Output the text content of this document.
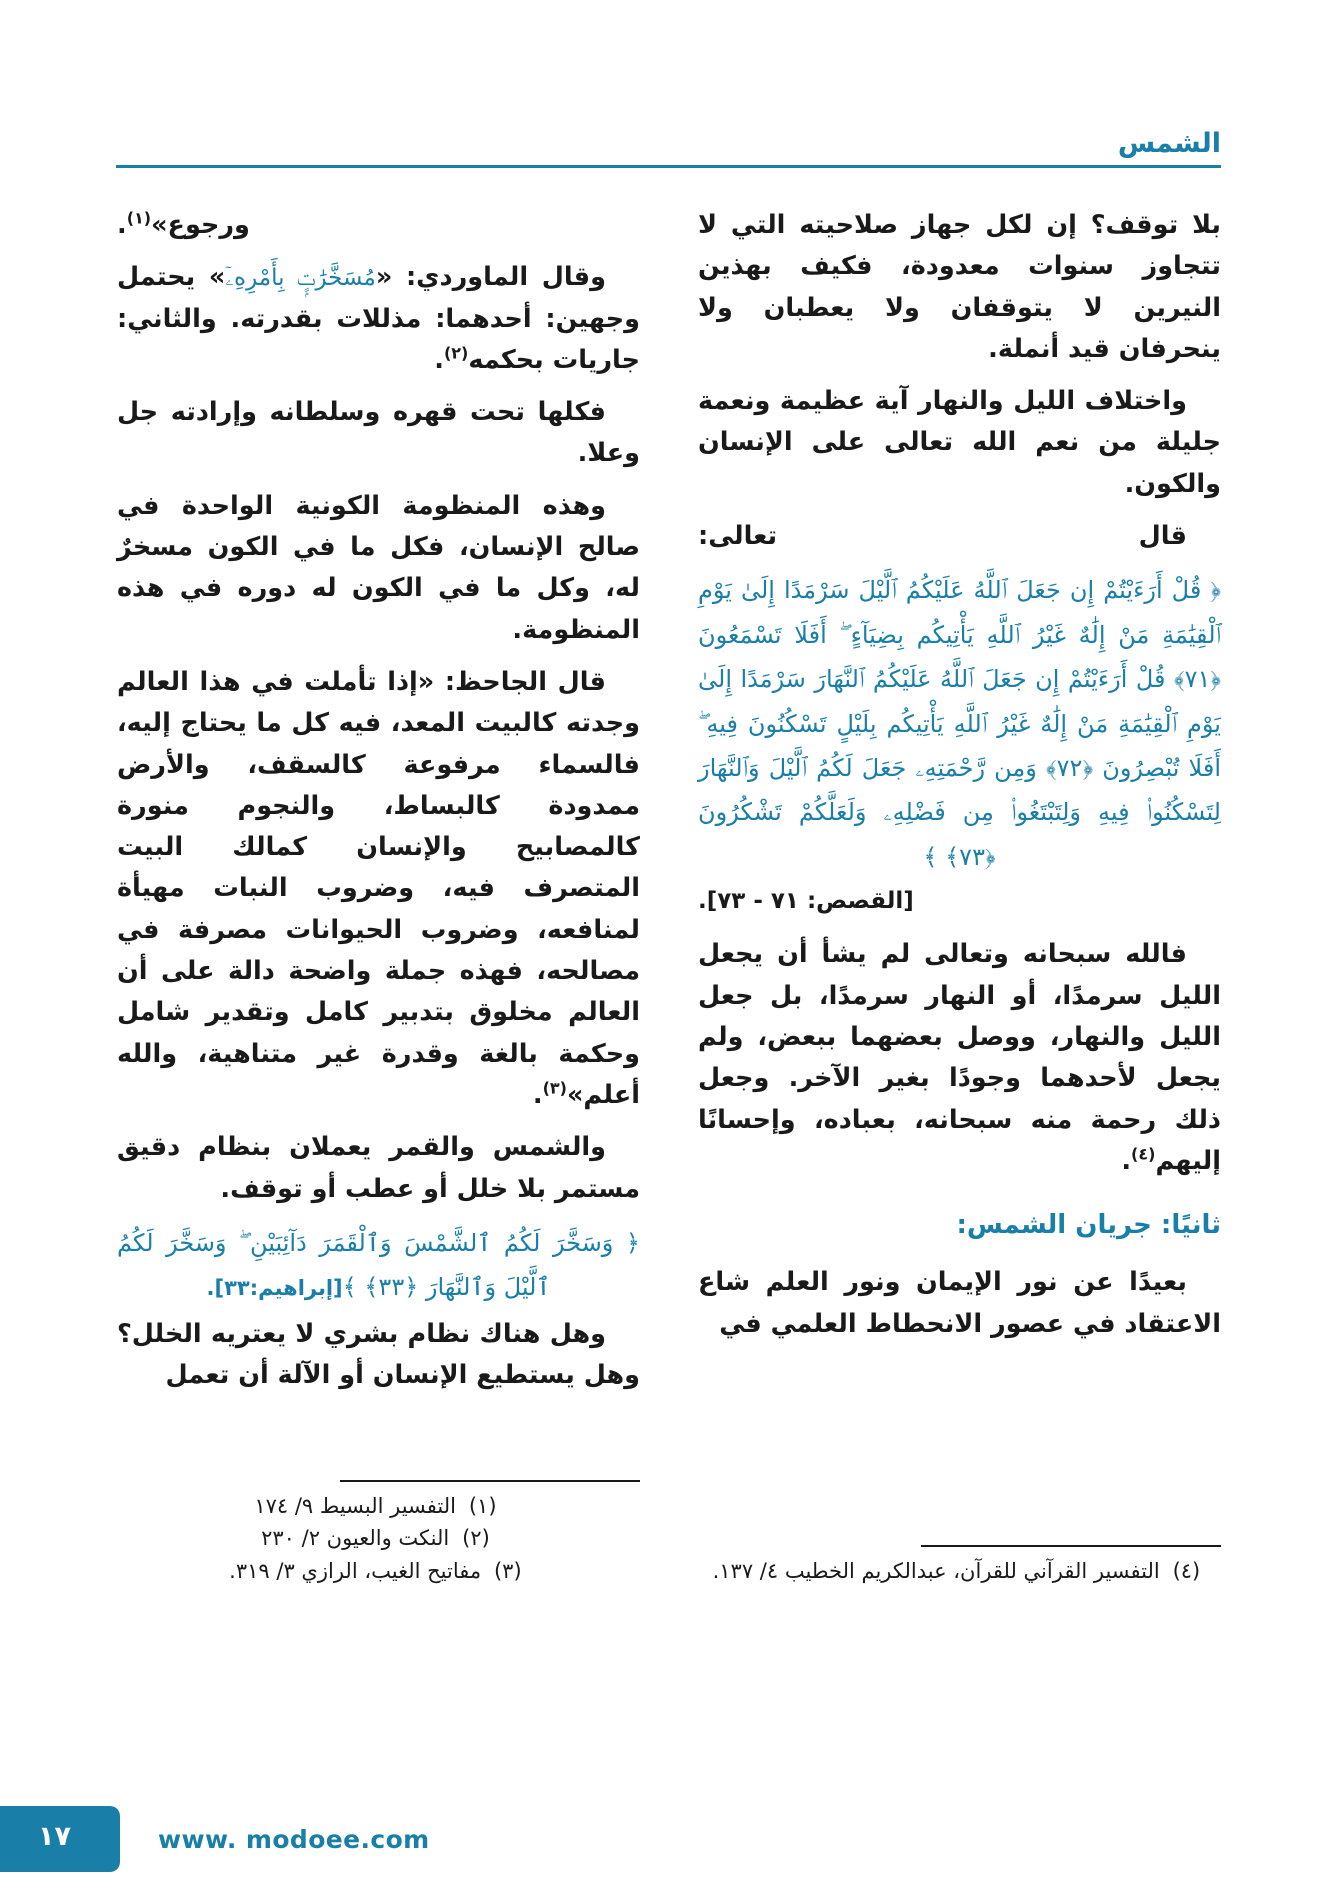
الشمس

بلا توقف؟ إن لكل جهاز صلاحيته التي لا تتجاوز سنوات معدودة، فكيف بهذين النيرين لا يتوقفان ولا يعطبان ولا ينحرفان قيد أنملة.

واختلاف الليل والنهار آية عظيمة ونعمة جليلة من نعم الله تعالى على الإنسان والكون.

قال تعالى:

﴿ قُلْ أَرَءَيْتُمْ إِن جَعَلَ ٱللَّهُ عَلَيْكُمُ ٱلَّيْلَ سَرْمَدًا إِلَىٰ يَوْمِ ٱلْقِيَٰمَةِ مَنْ إِلَٰهٌ غَيْرُ ٱللَّهِ يَأْتِيكُم بِضِيَآءٍ ۖ أَفَلَا تَسْمَعُونَ ﴿٧١﴾ قُلْ أَرَءَيْتُمْ إِن جَعَلَ ٱللَّهُ عَلَيْكُمُ ٱلنَّهَارَ سَرْمَدًا إِلَىٰ يَوْمِ ٱلْقِيَٰمَةِ مَنْ إِلَٰهٌ غَيْرُ ٱللَّهِ يَأْتِيكُم بِلَيْلٍ تَسْكُنُونَ فِيهِ ۖ أَفَلَا تُبْصِرُونَ ﴿٧٢﴾ وَمِن رَّحْمَتِهِۦ جَعَلَ لَكُمُ ٱلَّيْلَ وَٱلنَّهَارَ لِتَسْكُنُوا۟ فِيهِ وَلِتَبْتَغُوا۟ مِن فَضْلِهِۦ وَلَعَلَّكُمْ تَشْكُرُونَ ﴿٧٣﴾ ﴾

[القصص: ٧١ - ٧٣].

فالله سبحانه وتعالى لم يشأ أن يجعل الليل سرمدًا، أو النهار سرمدًا، بل جعل الليل والنهار، ووصل بعضهما ببعض، ولم يجعل لأحدهما وجودًا بغير الآخر. وجعل ذلك رحمة منه سبحانه، بعباده، وإحسانًا إليهم$^{(٤)}$.

ثانيًا: جريان الشمس:

بعيدًا عن نور الإيمان ونور العلم شاع الاعتقاد في عصور الانحطاط العلمي في

(٤) التفسير القرآني للقرآن، عبدالكريم الخطيب ٤/ ١٣٧.

ورجوع»$^{(١)}$.

وقال الماوردي: «مُسَخَّرَٰتٍۭ بِأَمْرِهِۦٓ» يحتمل وجهين: أحدهما: مذللات بقدرته. والثاني: جاريات بحكمه$^{(٢)}$.

فكلها تحت قهره وسلطانه وإرادته جل وعلا.

وهذه المنظومة الكونية الواحدة في صالح الإنسان، فكل ما في الكون مسخرٌ له، وكل ما في الكون له دوره في هذه المنظومة.

قال الجاحظ: «إذا تأملت في هذا العالم وجدته كالبيت المعد، فيه كل ما يحتاج إليه، فالسماء مرفوعة كالسقف، والأرض ممدودة كالبساط، والنجوم منورة كالمصابيح والإنسان كمالك البيت المتصرف فيه، وضروب النبات مهيأة لمنافعه، وضروب الحيوانات مصرفة في مصالحه، فهذه جملة واضحة دالة على أن العالم مخلوق بتدبير كامل وتقدير شامل وحكمة بالغة وقدرة غير متناهية، والله أعلم»$^{(٣)}$.

والشمس والقمر يعملان بنظام دقيق مستمر بلا خلل أو عطب أو توقف.

﴿ وَسَخَّرَ لَكُمُ ٱلشَّمْسَ وَٱلْقَمَرَ دَآئِبَيْنِ ۖ وَسَخَّرَ لَكُمُ ٱلَّيْلَ وَٱلنَّهَارَ ﴿٣٣﴾ ﴾[إبراهيم:٣٣].

وهل هناك نظام بشري لا يعتريه الخلل؟ وهل يستطيع الإنسان أو الآلة أن تعمل

(١) التفسير البسيط ٩/ ١٧٤

(٢) النكت والعيون ٢/ ٢٣٠

(٣) مفاتيح الغيب، الرازي ٣/ ٣١٩.

١٧	www. modoee.com
